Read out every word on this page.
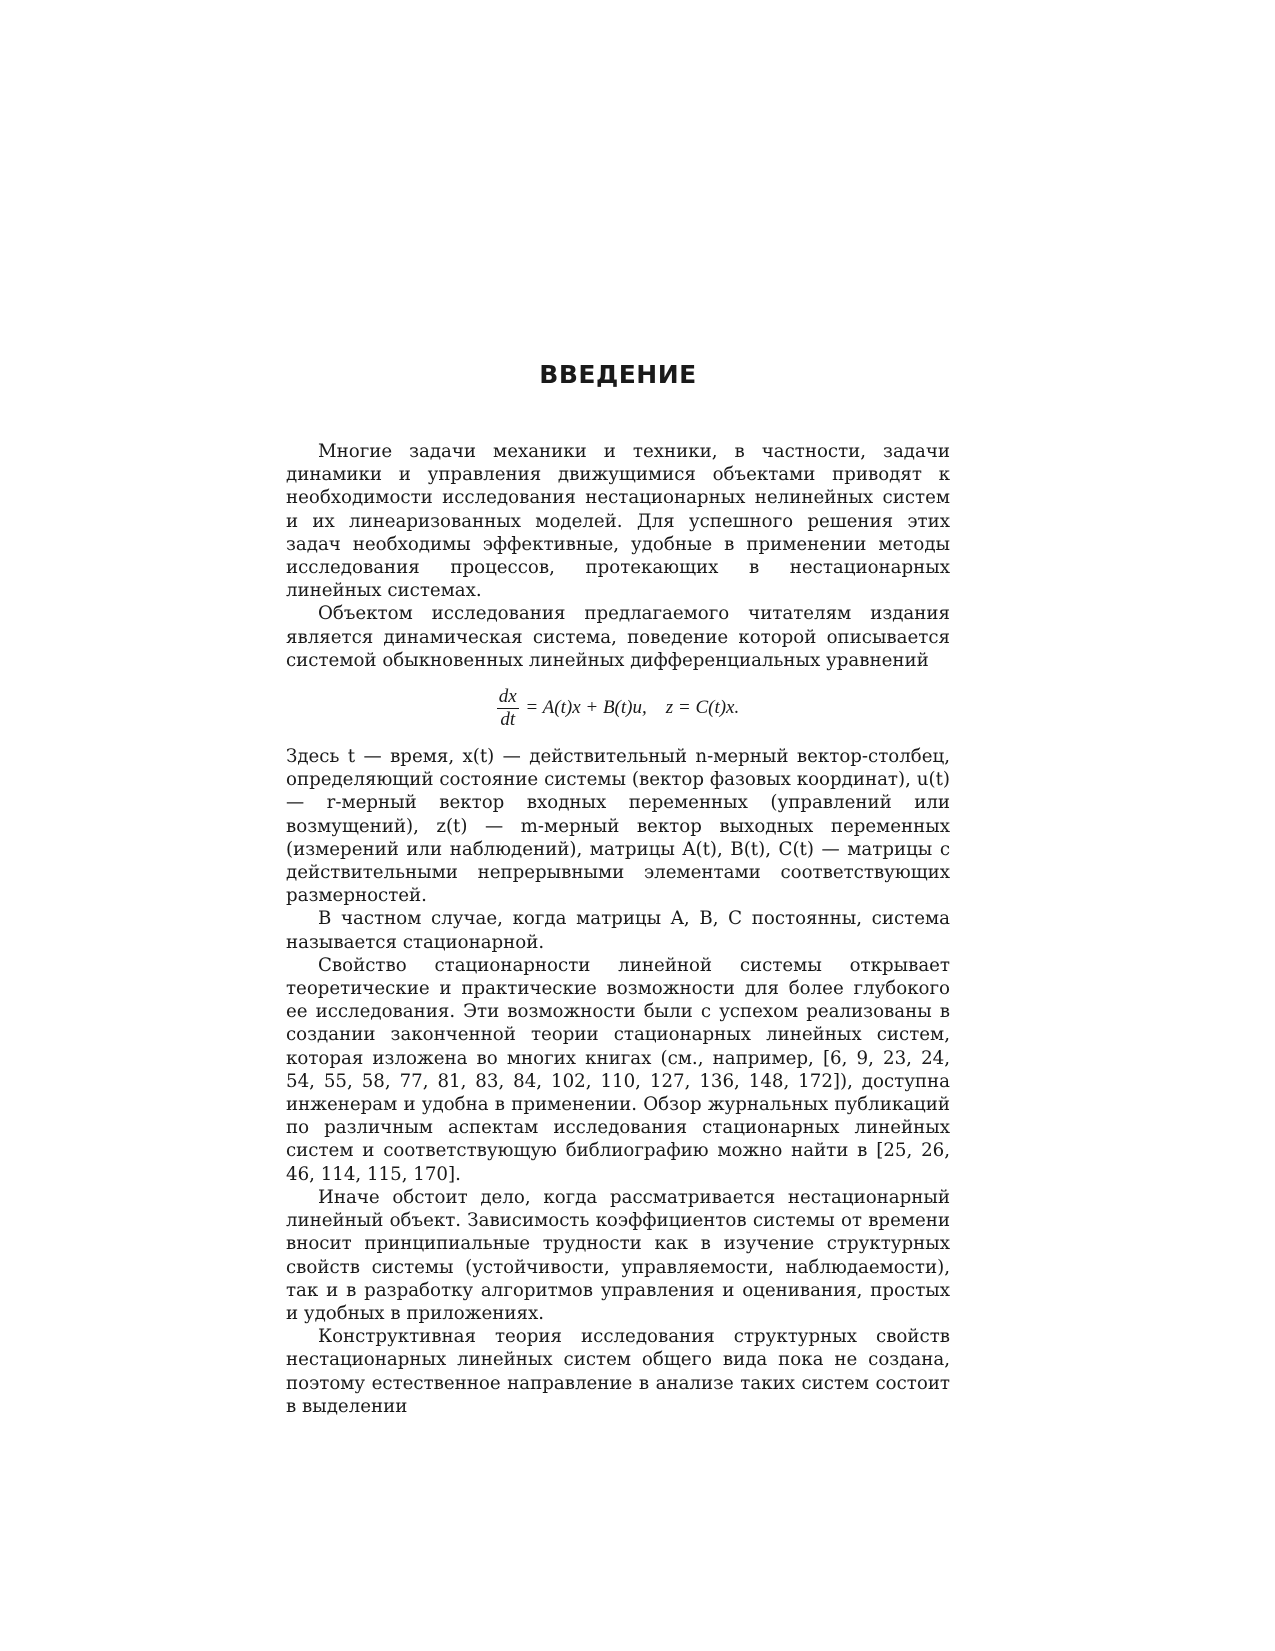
ВВЕДЕНИЕ

Многие задачи механики и техники, в частности, задачи динамики и управления движущимися объектами приводят к необходимости исследования нестационарных нелинейных систем и их линеаризованных моделей. Для успешного решения этих задач необходимы эффективные, удобные в применении методы исследования процессов, протекающих в нестационарных линейных системах.

Объектом исследования предлагаемого читателям издания является динамическая система, поведение которой описывается системой обыкновенных линейных дифференциальных уравнений

$\frac{dx}{dt} = A(t)x + B(t)u$,    z = C(t)x.

Здесь t — время, x(t) — действительный n-мерный вектор-столбец, определяющий состояние системы (вектор фазовых координат), u(t) — r-мерный вектор входных переменных (управлений или возмущений), z(t) — m-мерный вектор выходных переменных (измерений или наблюдений), матрицы A(t), B(t), C(t) — матрицы с действительными непрерывными элементами соответствующих размерностей.

В частном случае, когда матрицы A, B, C постоянны, система называется стационарной.

Свойство стационарности линейной системы открывает теоретические и практические возможности для более глубокого ее исследования. Эти возможности были с успехом реализованы в создании законченной теории стационарных линейных систем, которая изложена во многих книгах (см., например, [6, 9, 23, 24, 54, 55, 58, 77, 81, 83, 84, 102, 110, 127, 136, 148, 172]), доступна инженерам и удобна в применении. Обзор журнальных публикаций по различным аспектам исследования стационарных линейных систем и соответствующую библиографию можно найти в [25, 26, 46, 114, 115, 170].

Иначе обстоит дело, когда рассматривается нестационарный линейный объект. Зависимость коэффициентов системы от времени вносит принципиальные трудности как в изучение структурных свойств системы (устойчивости, управляемости, наблюдаемости), так и в разработку алгоритмов управления и оценивания, простых и удобных в приложениях.

Конструктивная теория исследования структурных свойств нестационарных линейных систем общего вида пока не создана, поэтому естественное направление в анализе таких систем состоит в выделении
